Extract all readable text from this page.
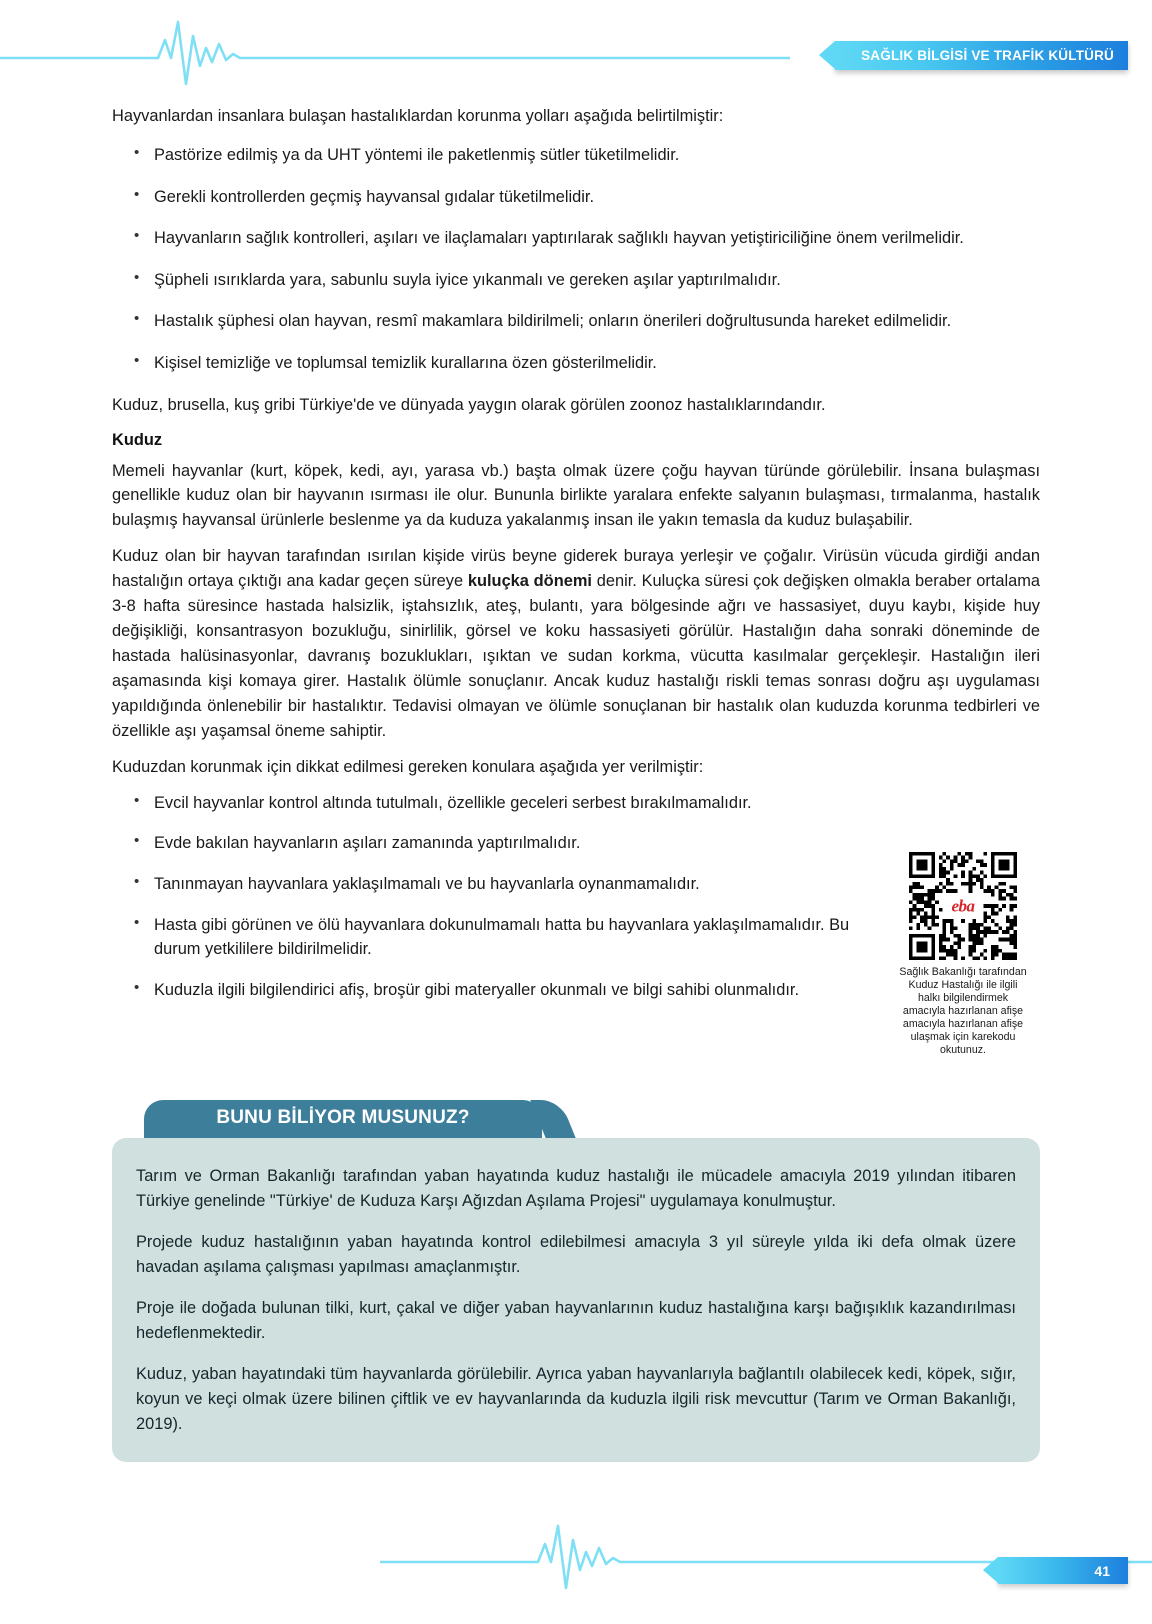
SAĞLIK BİLGİSİ VE TRAFİK KÜLTÜRÜ

Hayvanlardan insanlara bulaşan hastalıklardan korunma yolları aşağıda belirtilmiştir:

• Pastörize edilmiş ya da UHT yöntemi ile paketlenmiş sütler tüketilmelidir.
• Gerekli kontrollerden geçmiş hayvansal gıdalar tüketilmelidir.
• Hayvanların sağlık kontrolleri, aşıları ve ilaçlamaları yaptırılarak sağlıklı hayvan yetiştiriciliğine önem verilmelidir.
• Şüpheli ısırıklarda yara, sabunlu suyla iyice yıkanmalı ve gereken aşılar yaptırılmalıdır.
• Hastalık şüphesi olan hayvan, resmî makamlara bildirilmeli; onların önerileri doğrultusunda hareket edilmelidir.
• Kişisel temizliğe ve toplumsal temizlik kurallarına özen gösterilmelidir.

Kuduz, brusella, kuş gribi Türkiye'de ve dünyada yaygın olarak görülen zoonoz hastalıklarındandır.

Kuduz

Memeli hayvanlar (kurt, köpek, kedi, ayı, yarasa vb.) başta olmak üzere çoğu hayvan türünde görülebilir. İnsana bulaşması genellikle kuduz olan bir hayvanın ısırması ile olur. Bununla birlikte yaralara enfekte salyanın bulaşması, tırmalanma, hastalık bulaşmış hayvansal ürünlerle beslenme ya da kuduza yakalanmış insan ile yakın temasla da kuduz bulaşabilir.

Kuduz olan bir hayvan tarafından ısırılan kişide virüs beyne giderek buraya yerleşir ve çoğalır. Virüsün vücuda girdiği andan hastalığın ortaya çıktığı ana kadar geçen süreye kuluçka dönemi denir. Kuluçka süresi çok değişken olmakla beraber ortalama 3-8 hafta süresince hastada halsizlik, iştahsızlık, ateş, bulantı, yara bölgesinde ağrı ve hassasiyet, duyu kaybı, kişide huy değişikliği, konsantrasyon bozukluğu, sinirlilik, görsel ve koku hassasiyeti görülür. Hastalığın daha sonraki döneminde de hastada halüsinasyonlar, davranış bozuklukları, ışıktan ve sudan korkma, vücutta kasılmalar gerçekleşir. Hastalığın ileri aşamasında kişi komaya girer. Hastalık ölümle sonuçlanır. Ancak kuduz hastalığı riskli temas sonrası doğru aşı uygulaması yapıldığında önlenebilir bir hastalıktır. Tedavisi olmayan ve ölümle sonuçlanan bir hastalık olan kuduzda korunma tedbirleri ve özellikle aşı yaşamsal öneme sahiptir.

Kuduzdan korunmak için dikkat edilmesi gereken konulara aşağıda yer verilmiştir:

• Evcil hayvanlar kontrol altında tutulmalı, özellikle geceleri serbest bırakılmamalıdır.
• Evde bakılan hayvanların aşıları zamanında yaptırılmalıdır.
• Tanınmayan hayvanlara yaklaşılmamalı ve bu hayvanlarla oynanmamalıdır.
• Hasta gibi görünen ve ölü hayvanlara dokunulmamalı hatta bu hayvanlara yaklaşılmamalıdır. Bu durum yetkililere bildirilmelidir.
• Kuduzla ilgili bilgilendirici afiş, broşür gibi materyaller okunmalı ve bilgi sahibi olunmalıdır.
eba
Sağlık Bakanlığı tarafından Kuduz Hastalığı ile ilgili halkı bilgilendirmek amacıyla hazırlanan afişe amacıyla hazırlanan afişe ulaşmak için karekodu okutunuz.
BUNU BİLİYOR MUSUNUZ?

Tarım ve Orman Bakanlığı tarafından yaban hayatında kuduz hastalığı ile mücadele amacıyla 2019 yılından itibaren Türkiye genelinde "Türkiye' de Kuduza Karşı Ağızdan Aşılama Projesi" uygulamaya konulmuştur.

Projede kuduz hastalığının yaban hayatında kontrol edilebilmesi amacıyla 3 yıl süreyle yılda iki defa olmak üzere havadan aşılama çalışması yapılması amaçlanmıştır.

Proje ile doğada bulunan tilki, kurt, çakal ve diğer yaban hayvanlarının kuduz hastalığına karşı bağışıklık kazandırılması hedeflenmektedir.

Kuduz, yaban hayatındaki tüm hayvanlarda görülebilir. Ayrıca yaban hayvanlarıyla bağlantılı olabilecek kedi, köpek, sığır, koyun ve keçi olmak üzere bilinen çiftlik ve ev hayvanlarında da kuduzla ilgili risk mevcuttur (Tarım ve Orman Bakanlığı, 2019).

41
